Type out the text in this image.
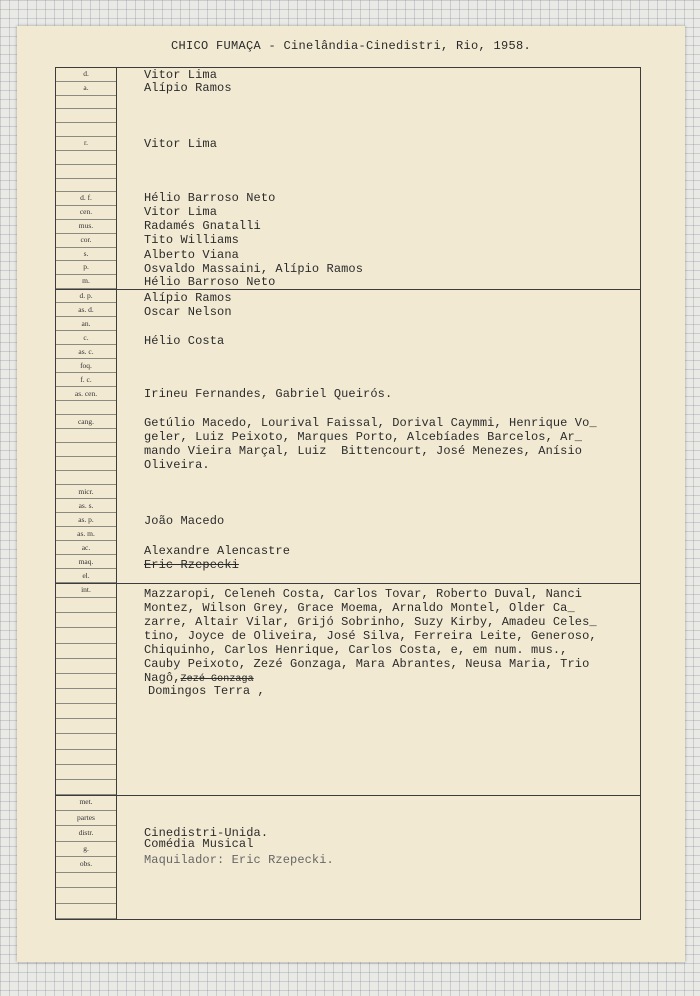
CHICO FUMAÇA - Cinelândia-Cinedistri, Rio, 1958.
d.
a.
r.
d. f.
cen.
mus.
cor.
s.
p.
m.
d. p.
as. d.
an.
c.
as. c.
foq.
f. c.
as. cen.
cang.
micr.
as. s.
as. p.
as. m.
ac.
maq.
el.
int.
met.
partes
distr.
g.
obs.
Vitor Lima
Alípio Ramos
Vitor Lima
Hélio Barroso Neto
Vitor Lima
Radamés Gnatalli
Tito Williams
Alberto Viana
Osvaldo Massaini, Alípio Ramos
Hélio Barroso Neto
Alípio Ramos
Oscar Nelson
Hélio Costa
Irineu Fernandes, Gabriel Queirós.
Getúlio Macedo, Lourival Faissal, Dorival Caymmi, Henrique Vo_
geler, Luiz Peixoto, Marques Porto, Alcebíades Barcelos, Ar_
mando Vieira Marçal, Luiz  Bittencourt, José Menezes, Anísio
Oliveira.
João Macedo
Alexandre Alencastre
Eric Rzepecki
Mazzaropi, Celeneh Costa, Carlos Tovar, Roberto Duval, Nanci
Montez, Wilson Grey, Grace Moema, Arnaldo Montel, Older Ca_
zarre, Altair Vilar, Grijó Sobrinho, Suzy Kirby, Amadeu Celes_
tino, Joyce de Oliveira, José Silva, Ferreira Leite, Generoso,
Chiquinho, Carlos Henrique, Carlos Costa, e, em num. mus.,
Cauby Peixoto, Zezé Gonzaga, Mara Abrantes, Neusa Maria, Trio
Nagô,Zezé Gonzaga
Domingos Terra ,
Cinedistri-Unida.
Comédia Musical
Maquilador: Eric Rzepecki.
